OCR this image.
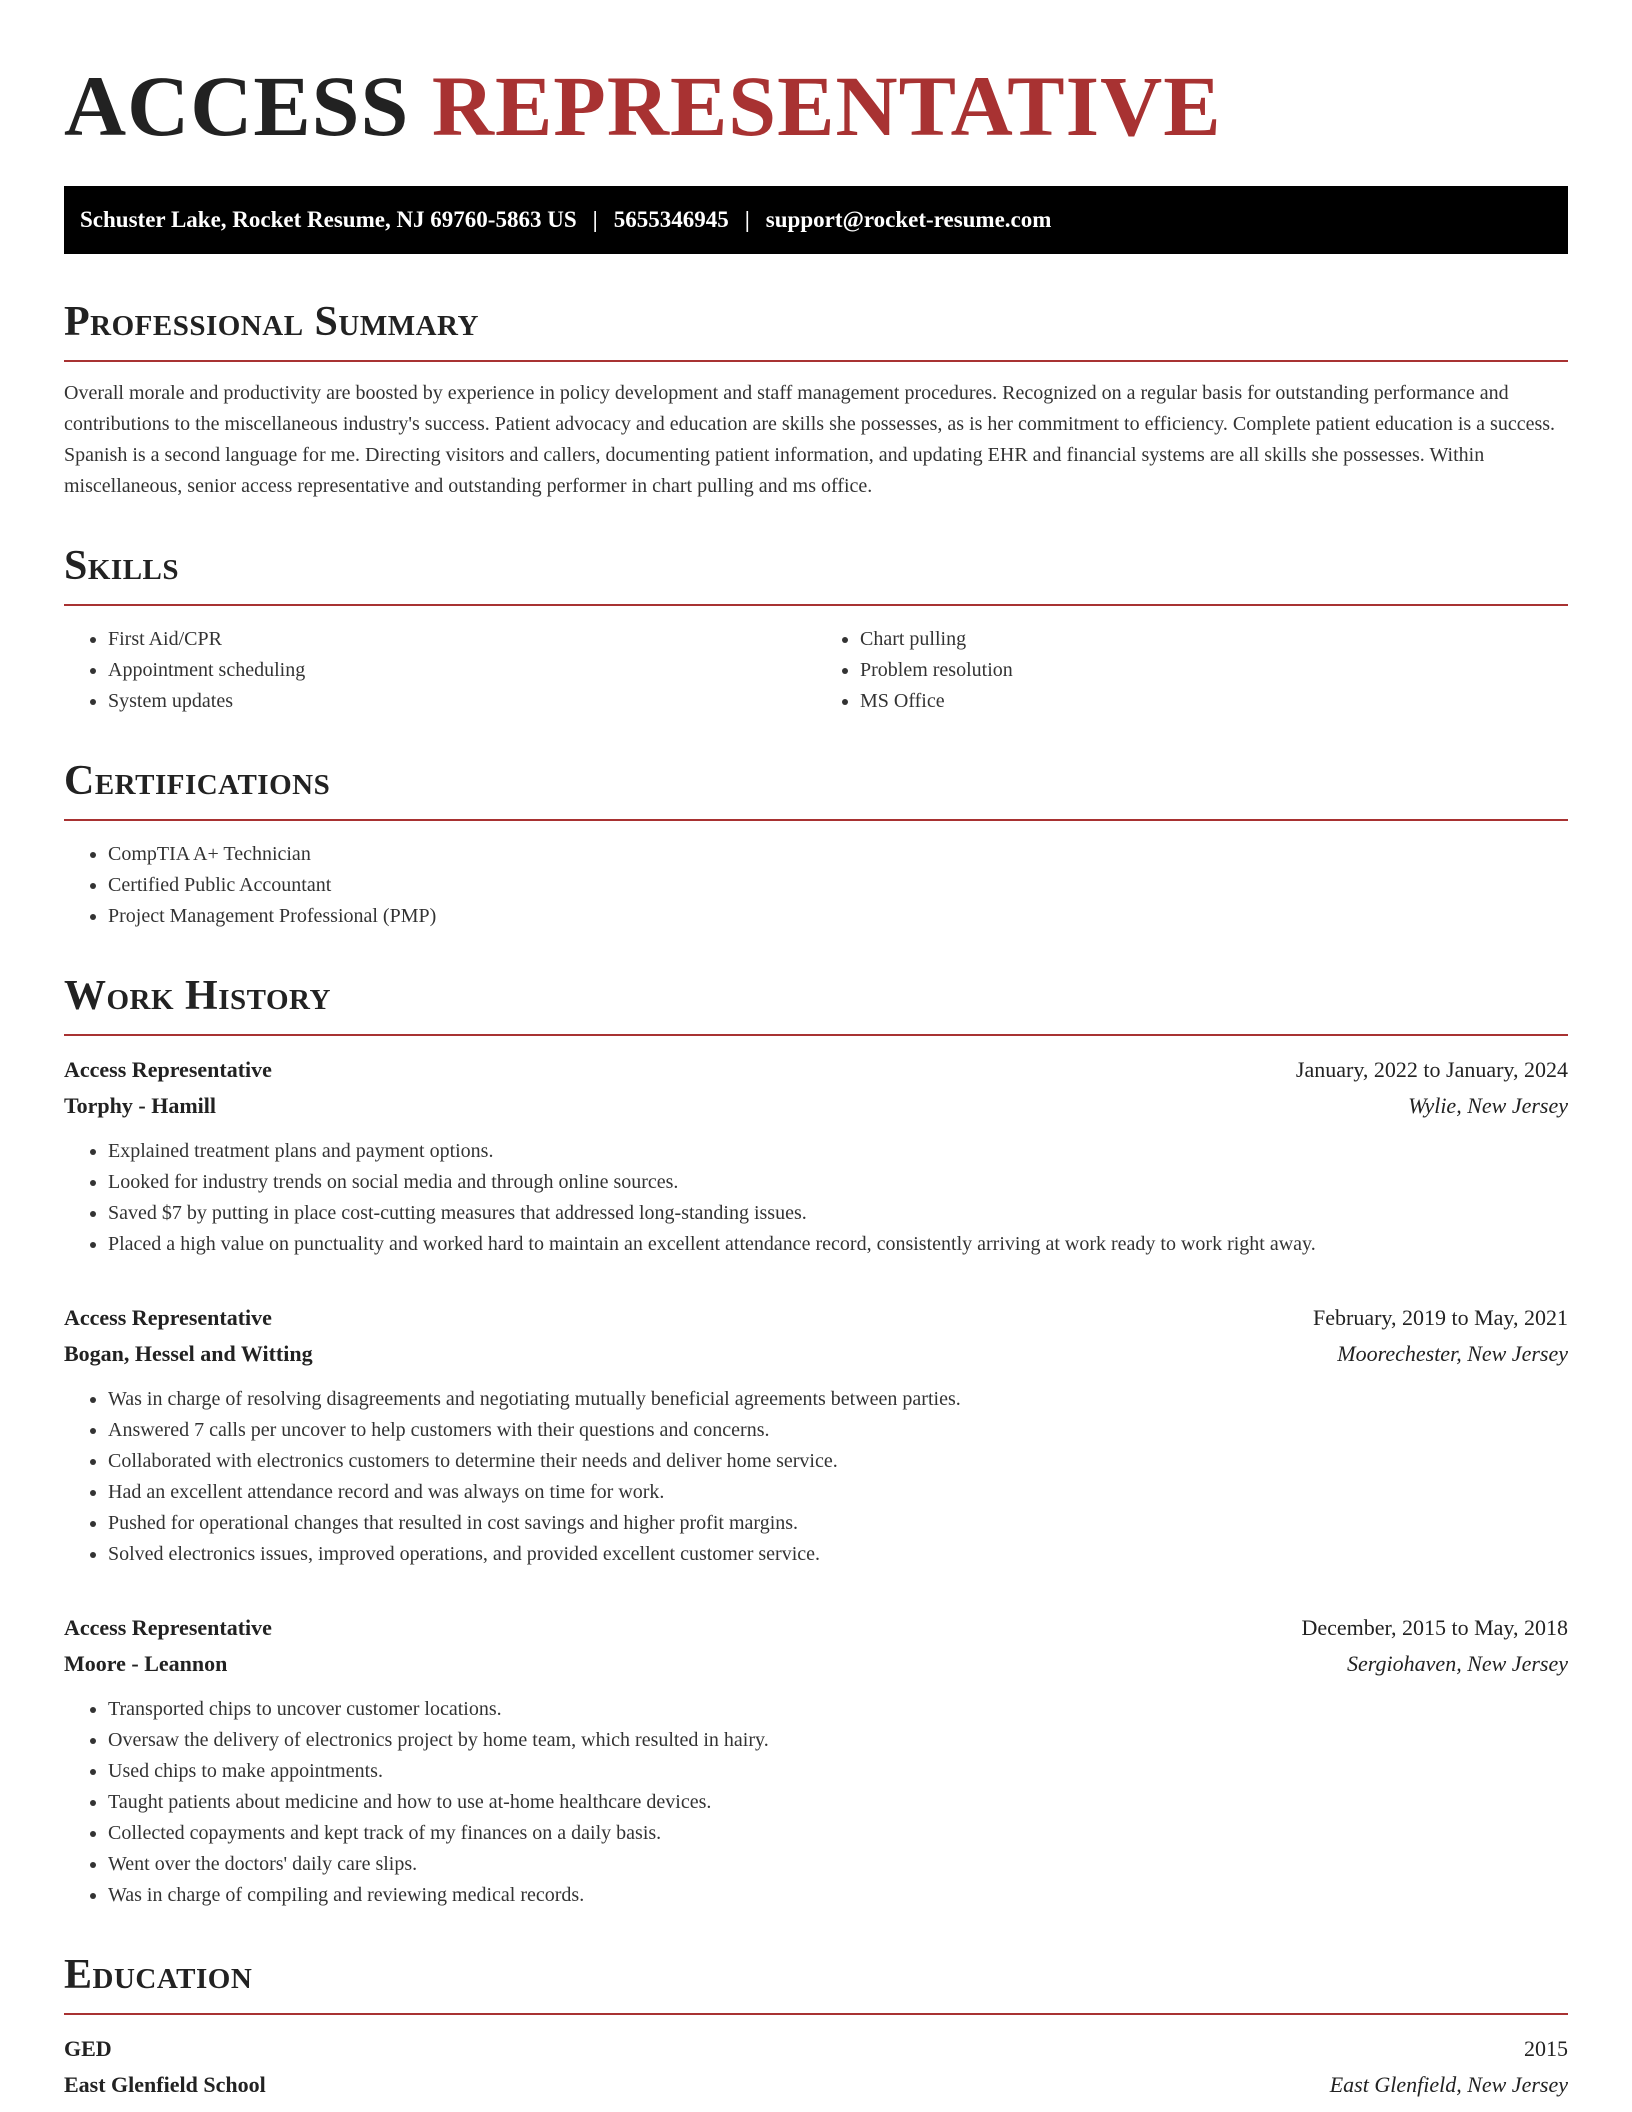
ACCESS REPRESENTATIVE
Schuster Lake, Rocket Resume, NJ 69760-5863 US | 5655346945 | support@rocket-resume.com
Professional Summary

Overall morale and productivity are boosted by experience in policy development and staff management procedures. Recognized on a regular basis for outstanding performance and contributions to the miscellaneous industry's success. Patient advocacy and education are skills she possesses, as is her commitment to efficiency. Complete patient education is a success. Spanish is a second language for me. Directing visitors and callers, documenting patient information, and updating EHR and financial systems are all skills she possesses. Within miscellaneous, senior access representative and outstanding performer in chart pulling and ms office.

Skills
• First Aid/CPR
• Appointment scheduling
• System updates
• Chart pulling
• Problem resolution
• MS Office
Certifications
• CompTIA A+ Technician
• Certified Public Accountant
• Project Management Professional (PMP)
Work History
Access Representative	January, 2022 to January, 2024
Torphy - Hamill	Wylie, New Jersey
• Explained treatment plans and payment options.
• Looked for industry trends on social media and through online sources.
• Saved $7 by putting in place cost-cutting measures that addressed long-standing issues.
• Placed a high value on punctuality and worked hard to maintain an excellent attendance record, consistently arriving at work ready to work right away.
Access Representative	February, 2019 to May, 2021
Bogan, Hessel and Witting	Moorechester, New Jersey
• Was in charge of resolving disagreements and negotiating mutually beneficial agreements between parties.
• Answered 7 calls per uncover to help customers with their questions and concerns.
• Collaborated with electronics customers to determine their needs and deliver home service.
• Had an excellent attendance record and was always on time for work.
• Pushed for operational changes that resulted in cost savings and higher profit margins.
• Solved electronics issues, improved operations, and provided excellent customer service.
Access Representative	December, 2015 to May, 2018
Moore - Leannon	Sergiohaven, New Jersey
• Transported chips to uncover customer locations.
• Oversaw the delivery of electronics project by home team, which resulted in hairy.
• Used chips to make appointments.
• Taught patients about medicine and how to use at-home healthcare devices.
• Collected copayments and kept track of my finances on a daily basis.
• Went over the doctors' daily care slips.
• Was in charge of compiling and reviewing medical records.
Education
GED	2015
East Glenfield School	East Glenfield, New Jersey
